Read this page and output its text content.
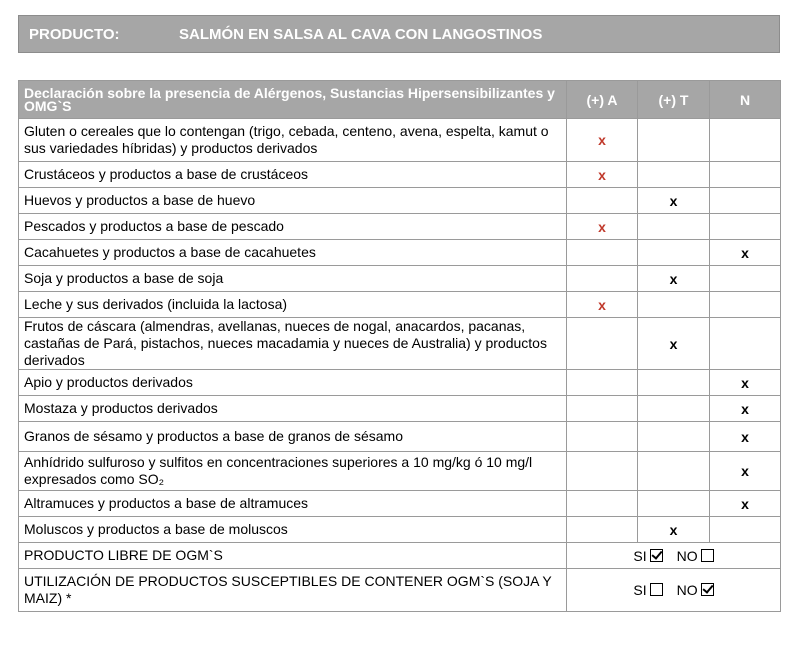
PRODUCTO:	SALMÓN EN SALSA AL CAVA CON LANGOSTINOS
Declaración sobre la presencia de Alérgenos, Sustancias Hipersensibilizantes y OMG`S	(+) A	(+) T	N
Gluten o cereales que lo contengan (trigo, cebada, centeno, avena, espelta, kamut o sus variedades híbridas) y productos derivados	x		
Crustáceos y productos a base de crustáceos	x		
Huevos y productos a base de huevo		x	
Pescados y productos a base de pescado	x		
Cacahuetes y productos a base de cacahuetes			x
Soja y productos a base de soja		x	
Leche y sus derivados (incluida la lactosa)	x		
Frutos de cáscara (almendras, avellanas, nueces de nogal, anacardos, pacanas, castañas de Pará, pistachos, nueces macadamia y nueces de Australia) y productos derivados		x	
Apio y productos derivados			x
Mostaza y productos derivados			x
Granos de sésamo y productos a base de granos de sésamo			x
Anhídrido sulfuroso y sulfitos en concentraciones superiores a 10 mg/kg ó 10 mg/l expresados como SO₂			x
Altramuces y productos a base de altramuces			x
Moluscos y productos a base de moluscos		x	
PRODUCTO LIBRE DE OGM`S	SI NO		
UTILIZACIÓN DE PRODUCTOS SUSCEPTIBLES DE CONTENER OGM`S (SOJA Y MAIZ) *	SI NO		
